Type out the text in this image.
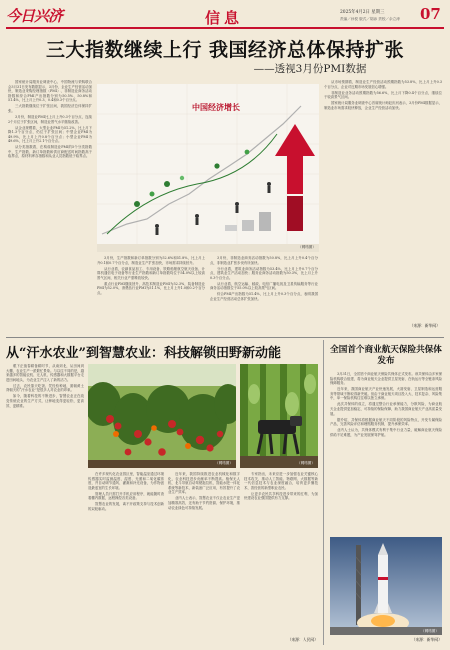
今日兴济	信息	2025年4月2日 星期三
责编／孙悦 版式／胡添 责校／余立涛 07
三大指数继续上行 我国经济总体保持扩张
——透视3月份PMI数据

国家统计局服务业调查中心、中国物流与采购联合会3月31日发布数据显示，3月份，企业生产经营活动加快，制造业采购经理指数（PMI）、非制造业商务活动指数和综合PMI产出指数分别为50.5%、50.8%和51.4%，比上月上升0.3、0.4和0.3个百分点。

三大指数继续位于扩张区间，我国经济总体保持扩张。

3月份，制造业PMI比上月上升0.3个百分点，连续2个月位于扩张区间，制造业景气水平继续改善。

从企业规模看，大型企业PMI为51.2%，比上月下降1.3个百分点，仍位于扩张区间；中型企业PMI为49.9%，比上月上升0.8个百分点；小型企业PMI为49.6%，比上月上升2.1个百分点。

从分类指数看，在构成制造业PMI的5个分类指数中，生产指数、新订单指数和供应商配送时间指数高于临界点，原材料库存指数和从业人员指数低于临界点。

中国经济增长
（网络图）

3月份，生产指数和新订单指数分别为52.6%和51.8%，比上月上升0.1和0.7个百分点，制造业生产扩张加快，市场需求持续回升。

从行业看，农副食品加工、专用设备、铁路船舶航空航天设备、计算机通信电子设备等行业生产指数和新订单指数均位于54.0%以上较高景气区间，相关行业产需释放较快。

重点行业PMI继续回升，高技术制造业PMI为52.3%，装备制造业PMI为52.0%，消费品行业PMI为51.1%，比上月上升1.0和0.2个百分点。

3月份，非制造业商务活动指数为50.8%，比上月上升0.4个百分点，非制造业扩张步伐有所加快。

分行业看，建筑业商务活动指数为53.4%，比上月上升0.7个百分点，建筑业生产活动加快；服务业商务活动指数为50.3%，比上月上升0.3个百分点。

从行业看，航空运输、邮政、电信广播电视及卫星传输服务等行业商务活动指数位于55.0%以上较高景气区间。

综合PMI产出指数为51.4%，比上月上升0.3个百分点，表明我国企业生产经营活动总体扩张加快。

从市场预期看，制造业生产经营活动预期指数为53.8%，比上月上升0.3个百分点，企业对近期市场发展信心增强。

非制造业业务活动预期指数为56.6%，比上月下降0.4个百分点，继续位于较高景气区间。

国家统计局服务业调查中心首席统计师赵庆河表示，3月份PMI数据显示，制造业市场需求较快释放，企业生产经营活动加快。

（来源：新华网）
从“汗水农业”到智慧农业：科技解锁田野新动能

眼下正值春耕备耕时节，从南到北，从田间到大棚，农业生产一派繁忙景象。与以往不同的是，越来越多的智能农机、无人机、传感器和大数据平台走进田间地头，为农业生产注入了新的活力。

过去，农民靠天吃饭、凭经验种地，面朝黄土背朝天的“汗水农业”是很多人对农业的印象。

如今，随着科技的不断进步，智慧农业正在改变传统农业的生产方式，让种地变得更轻松、更高效、更精准。

（网络图）	（网络图）

在许多现代化农业园区里，智能温室通过环境传感器实时监测温度、湿度、光照和二氧化碳浓度，并自动调节通风、灌溉和补光设备，为作物创造最适宜的生长环境。

管理人员只需打开手机应用程序，就能随时查看棚内数据，远程操控各类设备。

智慧农业的发展，离不开政策支持与技术创新的双轮驱动。

近年来，我国持续推进农业机械化和数字化，农业科技进步贡献率不断提高。植保无人机、北斗导航自动驾驶拖拉机、智能水肥一体化系统等新技术、新装备广泛应用，有效提升了农业生产效率。

业内人士表示，智慧农业不仅让农业生产更加精准高效，还有助于节约资源、保护环境，推动农业绿色可持续发展。

专家指出，未来应进一步加强农业关键核心技术攻关，推动人工智能、物联网、大数据等新一代信息技术与农业深度融合，培育更多懂技术、善经营的新型职业农民。

让更多农民共享科技进步带来的红利，为加快建设农业强国提供有力支撑。

（来源：人民网）
全国首个商业航天保险共保体发布

3月31日，全国首个商业航天保险共保体正式发布。该共保体由多家保险机构联合组建，将为商业航天企业提供卫星发射、在轨运行等全链条风险保障服务。

近年来，我国商业航天产业快速发展，火箭发射、卫星制造和运营服务等领域不断取得新突破。但由于商业航天项目投入大、技术复杂、风险集中，单一保险机构往往难以独立承保。

此次共保体的成立，将通过整合行业承保能力，分散风险，为商业航天企业提供更加稳定、可持续的保险保障，助力我国商业航天产业高质量发展。

据介绍，共保体将根据商业航天不同阶段的风险特点，开发专属保险产品，完善风险评估和理赔服务机制，提升承保效率。

业内人士认为，共保体模式有利于集中行业力量，破解商业航天保险供给不足难题，为产业发展保驾护航。

（网络图）
（来源：新华网）
